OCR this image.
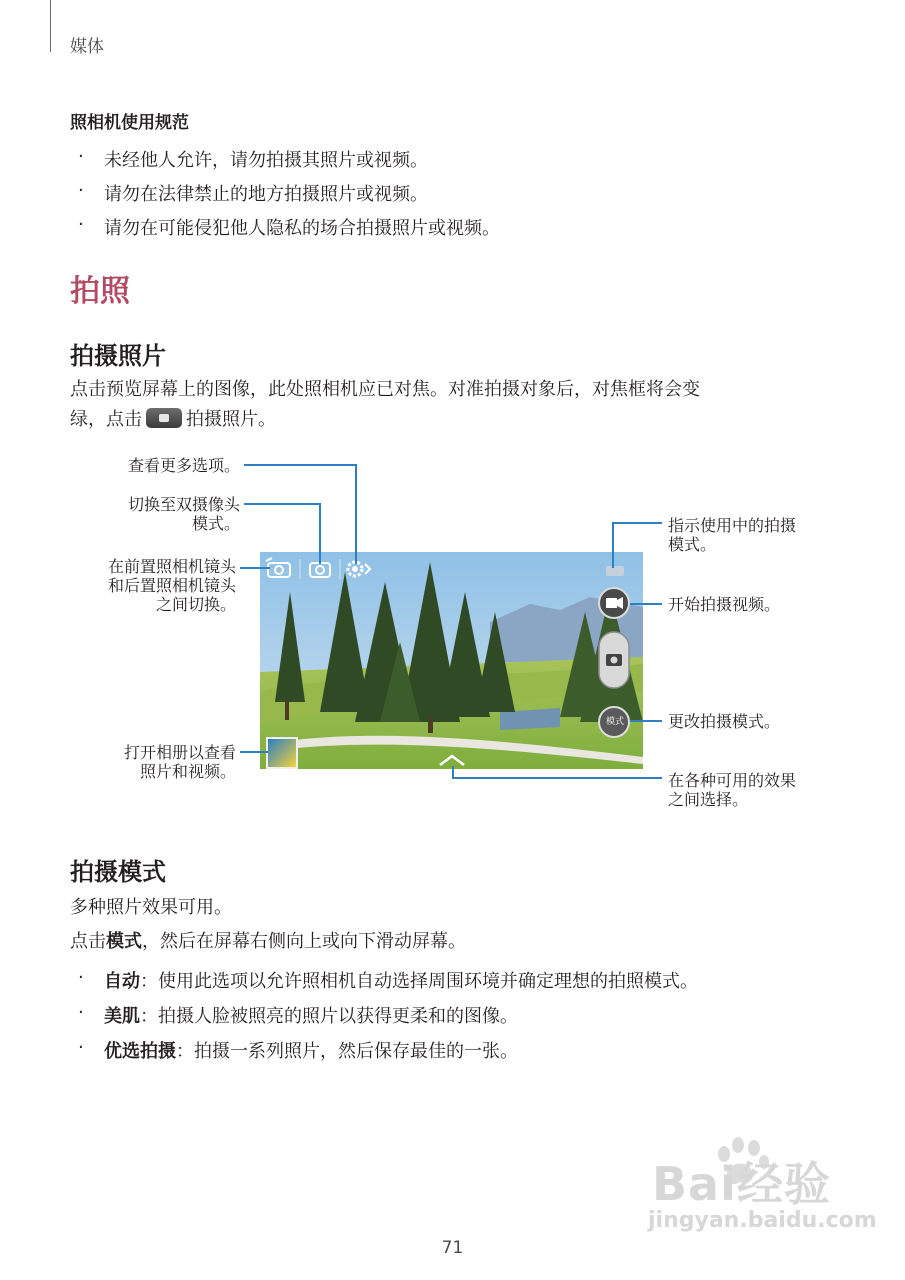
媒体
照相机使用规范
·	未经他人允许，请勿拍摄其照片或视频。
·	请勿在法律禁止的地方拍摄照片或视频。
·	请勿在可能侵犯他人隐私的场合拍摄照片或视频。
拍照
拍摄照片
点击预览屏幕上的图像，此处照相机应已对焦。对准拍摄对象后，对焦框将会变
绿，点击 拍摄照片。
模式
查看更多选项。
切换至双摄像头
模式。
在前置照相机镜头
和后置照相机镜头
之间切换。
打开相册以查看
照片和视频。
指示使用中的拍摄
模式。
开始拍摄视频。
更改拍摄模式。
在各种可用的效果
之间选择。
拍摄模式
多种照片效果可用。
点击模式，然后在屏幕右侧向上或向下滑动屏幕。
·	自动 ：使用此选项以允许照相机自动选择周围环境并确定理想的拍照模式。
·	美肌 ：拍摄人脸被照亮的照片以获得更柔和的图像。
·	优选拍摄 ：拍摄一系列照片，然后保存最佳的一张。
Bai经验
jingyan.baidu.com
71
